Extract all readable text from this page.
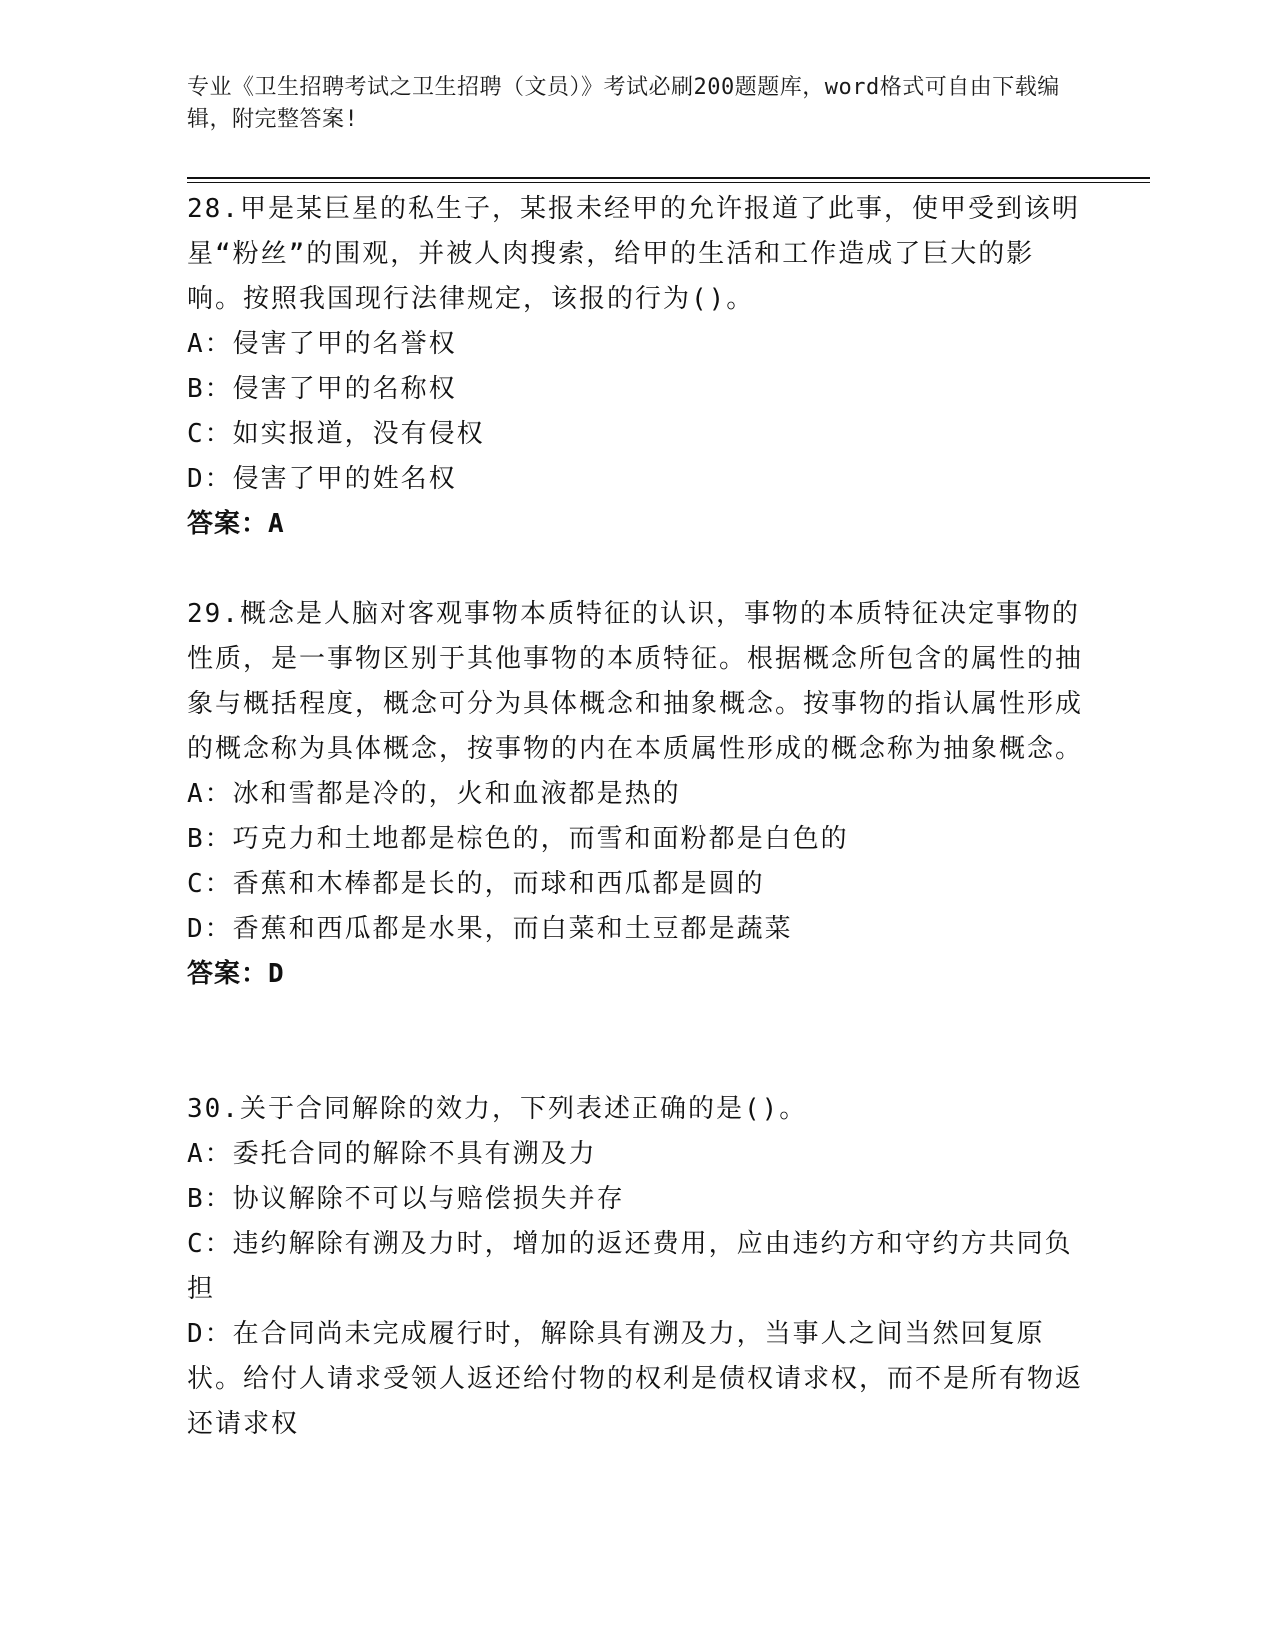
专业《卫生招聘考试之卫生招聘（文员）》考试必刷200题题库，word格式可自由下载编辑，附完整答案!

28.甲是某巨星的私生子，某报未经甲的允许报道了此事，使甲受到该明星“粉丝”的围观，并被人肉搜索，给甲的生活和工作造成了巨大的影响。按照我国现行法律规定，该报的行为()。

A：侵害了甲的名誉权

B：侵害了甲的名称权

C：如实报道，没有侵权

D：侵害了甲的姓名权

答案：A

29.概念是人脑对客观事物本质特征的认识，事物的本质特征决定事物的性质，是一事物区别于其他事物的本质特征。根据概念所包含的属性的抽象与概括程度，概念可分为具体概念和抽象概念。按事物的指认属性形成的概念称为具体概念，按事物的内在本质属性形成的概念称为抽象概念。

A：冰和雪都是冷的，火和血液都是热的

B：巧克力和土地都是棕色的，而雪和面粉都是白色的

C：香蕉和木棒都是长的，而球和西瓜都是圆的

D：香蕉和西瓜都是水果，而白菜和土豆都是蔬菜

答案：D

30.关于合同解除的效力，下列表述正确的是()。

A：委托合同的解除不具有溯及力

B：协议解除不可以与赔偿损失并存

C：违约解除有溯及力时，增加的返还费用，应由违约方和守约方共同负担

D：在合同尚未完成履行时，解除具有溯及力，当事人之间当然回复原状。给付人请求受领人返还给付物的权利是债权请求权，而不是所有物返还请求权
